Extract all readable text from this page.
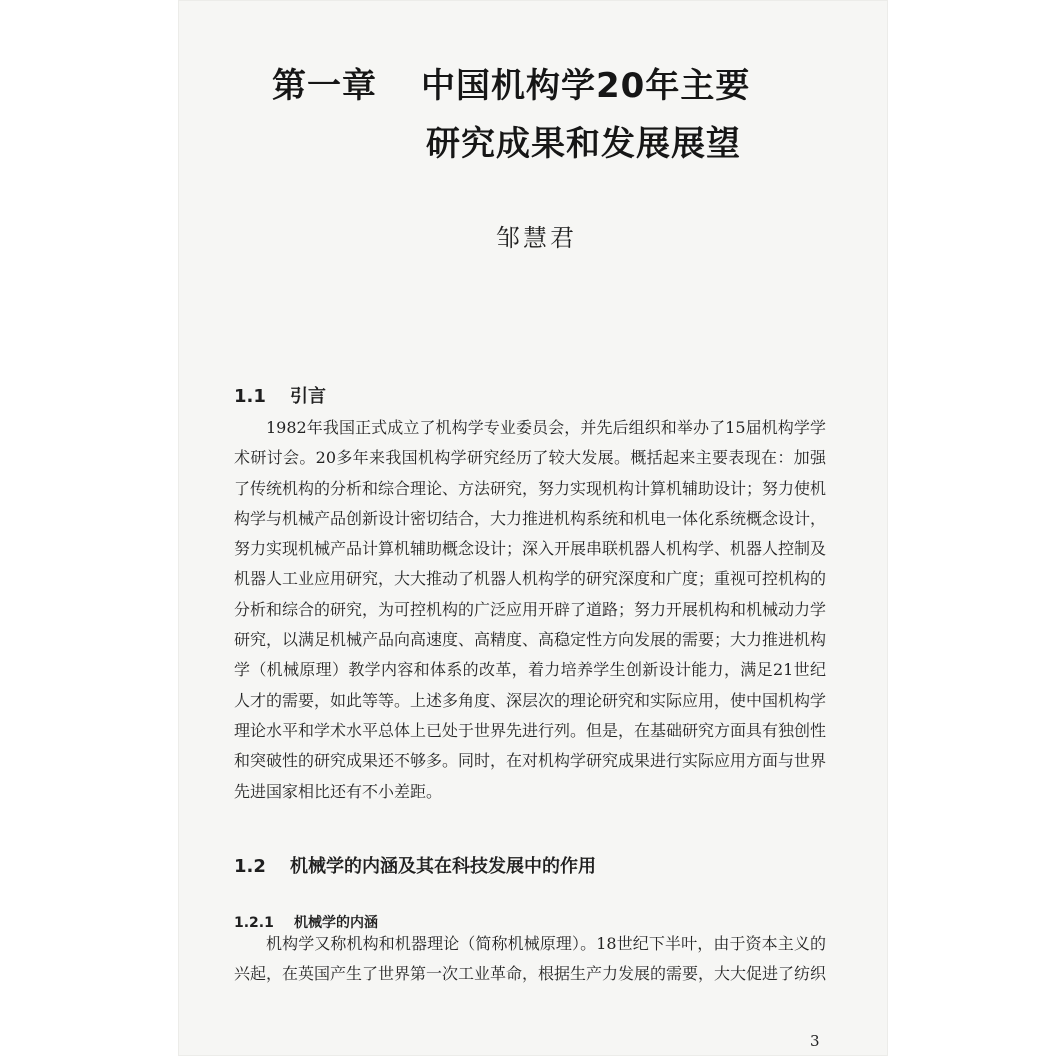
第一章 中国机构学20年主要
研究成果和发展展望

邹慧君

1.1 引言

1982年我国正式成立了机构学专业委员会，并先后组织和举办了15届机构学学术研讨会。20多年来我国机构学研究经历了较大发展。概括起来主要表现在：加强了传统机构的分析和综合理论、方法研究，努力实现机构计算机辅助设计；努力使机构学与机械产品创新设计密切结合，大力推进机构系统和机电一体化系统概念设计，努力实现机械产品计算机辅助概念设计；深入开展串联机器人机构学、机器人控制及机器人工业应用研究，大大推动了机器人机构学的研究深度和广度；重视可控机构的分析和综合的研究，为可控机构的广泛应用开辟了道路；努力开展机构和机械动力学研究，以满足机械产品向高速度、高精度、高稳定性方向发展的需要；大力推进机构学（机械原理）教学内容和体系的改革，着力培养学生创新设计能力，满足21世纪人才的需要，如此等等。上述多角度、深层次的理论研究和实际应用，使中国机构学理论水平和学术水平总体上已处于世界先进行列。但是，在基础研究方面具有独创性和突破性的研究成果还不够多。同时，在对机构学研究成果进行实际应用方面与世界先进国家相比还有不小差距。

1.2 机械学的内涵及其在科技发展中的作用
1.2.1 机械学的内涵

机构学又称机构和机器理论（简称机械原理）。18世纪下半叶，由于资本主义的兴起，在英国产生了世界第一次工业革命，根据生产力发展的需要，大大促进了纺织

3
